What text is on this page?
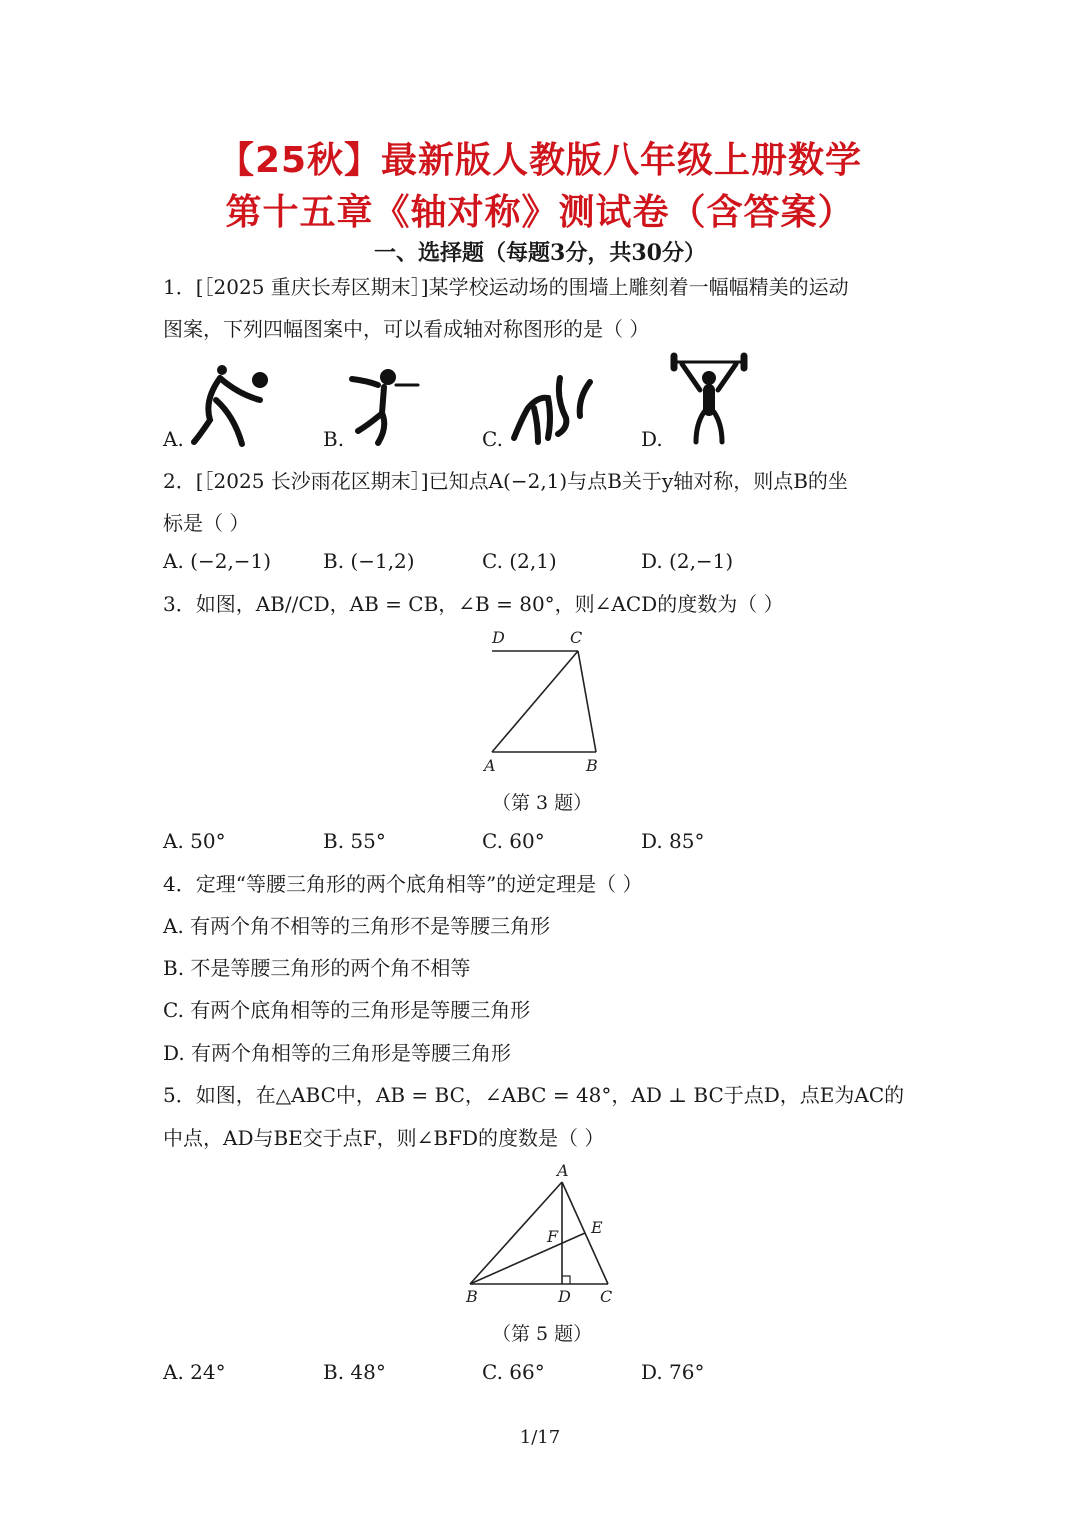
【25秋】最新版人教版八年级上册数学
第十五章《轴对称》测试卷（含答案）
一、选择题（每题3分，共30分）
1．[［2025 重庆长寿区期末］]某学校运动场的围墙上雕刻着一幅幅精美的运动
图案，下列四幅图案中，可以看成轴对称图形的是（ ）
A.	B.	C.	D.
2．[［2025 长沙雨花区期末］]已知点A(−2,1)与点B关于y轴对称，则点B的坐
标是（ ）
A. (−2,−1)	B. (−1,2)	C. (2,1)	D. (2,−1)
3．如图，AB//CD，AB = CB，∠B = 80°，则∠ACD的度数为（ ）
D	C
A	B
（第 3 题）
A. 50°	B. 55°	C. 60°	D. 85°
4．定理“等腰三角形的两个底角相等”的逆定理是（ ）
A. 有两个角不相等的三角形不是等腰三角形
B. 不是等腰三角形的两个角不相等
C. 有两个底角相等的三角形是等腰三角形
D. 有两个角相等的三角形是等腰三角形
5．如图，在△ABC中，AB = BC，∠ABC = 48°，AD ⊥ BC于点D，点E为AC的
中点，AD与BE交于点F，则∠BFD的度数是（ ）
A
E
F
B	D C
（第 5 题）
A. 24°	B. 48°	C. 66°	D. 76°
1/17
